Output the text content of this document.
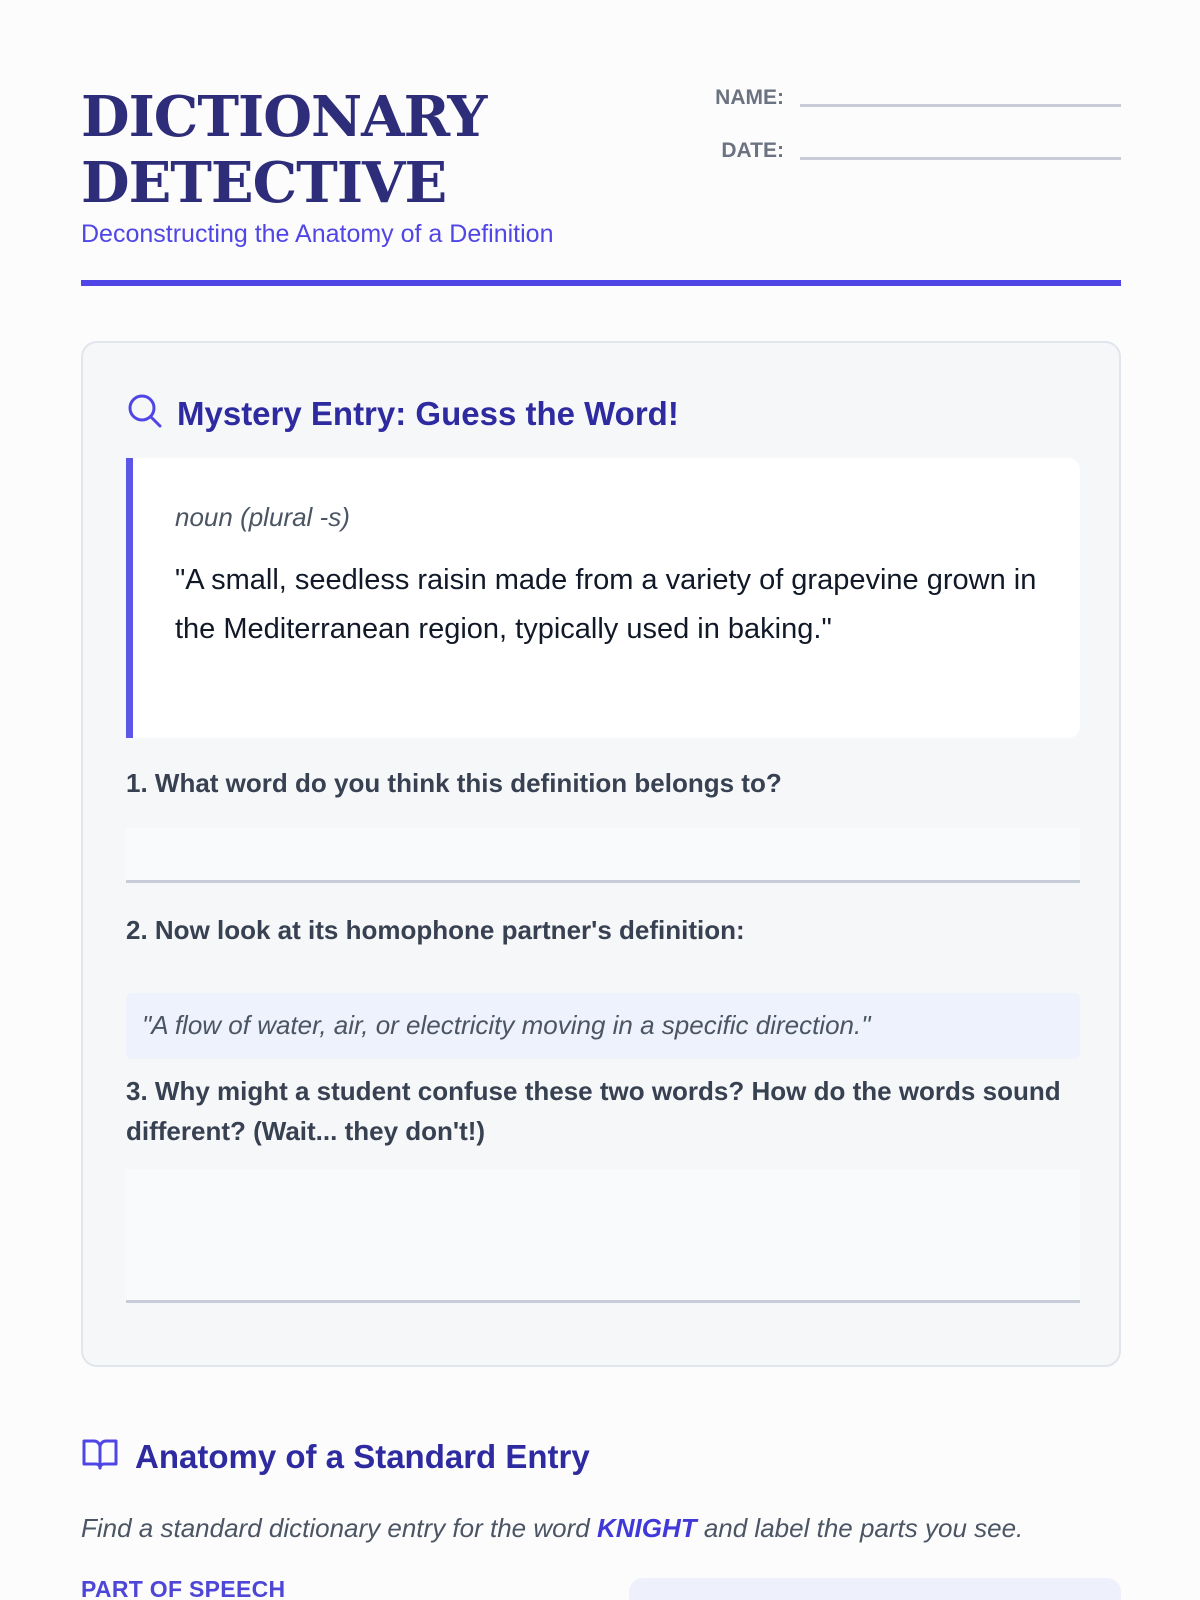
DICTIONARY
DETECTIVE
Deconstructing the Anatomy of a Definition
NAME:
DATE:
Mystery Entry: Guess the Word!
noun (plural -s)
"A small, seedless raisin made from a variety of grapevine grown in the Mediterranean region, typically used in baking."
1. What word do you think this definition belongs to?
2. Now look at its homophone partner's definition:
"A flow of water, air, or electricity moving in a specific direction."
3. Why might a student confuse these two words? How do the words sound different? (Wait... they don't!)
Anatomy of a Standard Entry

Find a standard dictionary entry for the word KNIGHT and label the parts you see.

PART OF SPEECH
